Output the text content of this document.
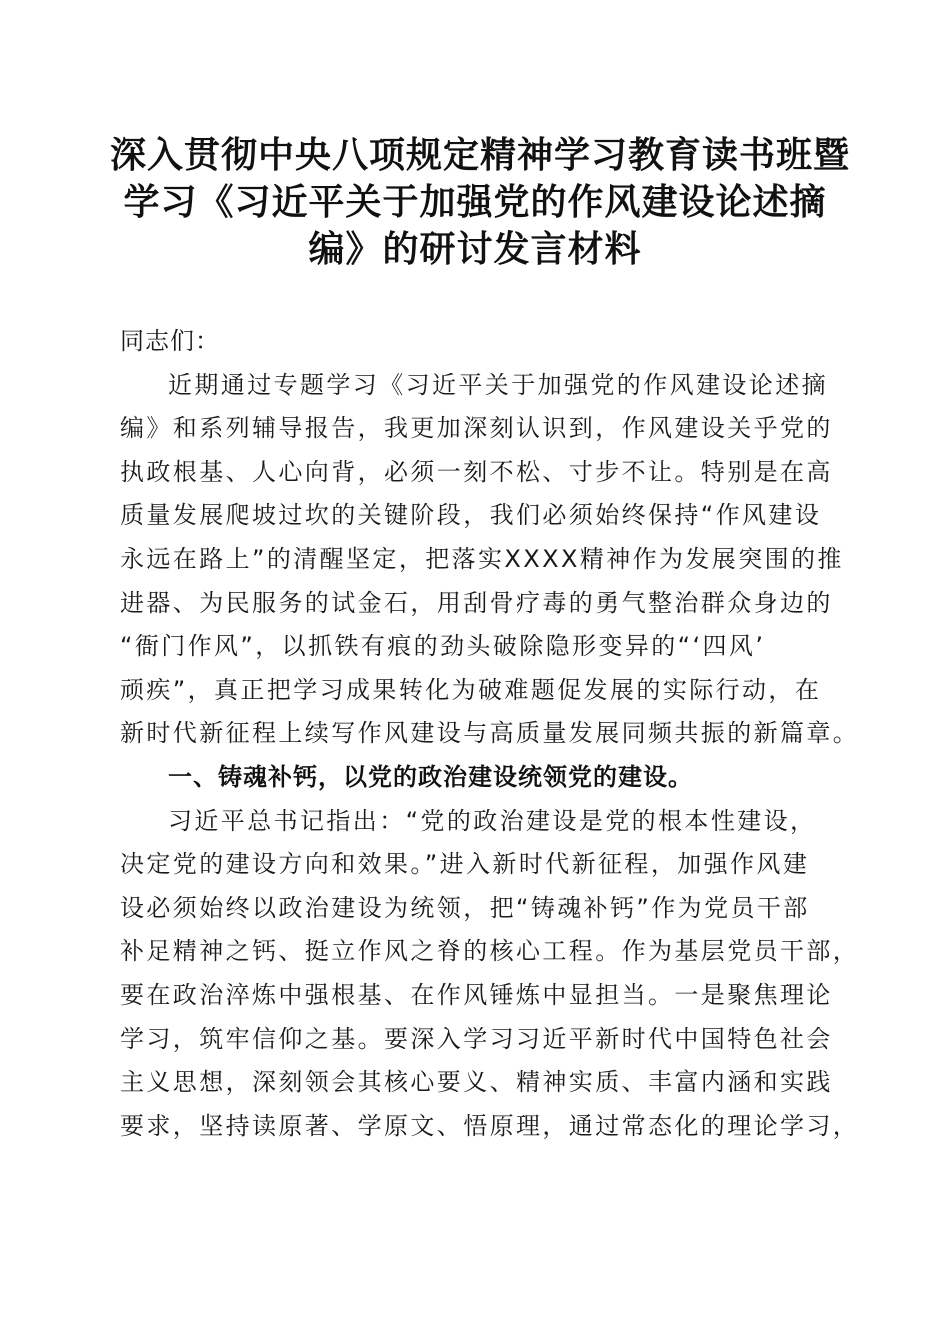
深入贯彻中央八项规定精神学习教育读书班暨
学习《习近平关于加强党的作风建设论述摘
编》的研讨发言材料
同志们：
近期通过专题学习《习近平关于加强党的作风建设论述摘
编》和系列辅导报告，我更加深刻认识到，作风建设关乎党的
执政根基、人心向背，必须一刻不松、寸步不让。特别是在高
质量发展爬坡过坎的关键阶段，我们必须始终保持“作风建设
永远在路上”的清醒坚定，把落实XXXX精神作为发展突围的推
进器、为民服务的试金石，用刮骨疗毒的勇气整治群众身边的
“衙门作风”，以抓铁有痕的劲头破除隐形变异的“‘四风’
顽疾”，真正把学习成果转化为破难题促发展的实际行动，在
新时代新征程上续写作风建设与高质量发展同频共振的新篇章。
一、铸魂补钙，以党的政治建设统领党的建设。
习近平总书记指出：“党的政治建设是党的根本性建设，
决定党的建设方向和效果。”进入新时代新征程，加强作风建
设必须始终以政治建设为统领，把“铸魂补钙”作为党员干部
补足精神之钙、挺立作风之脊的核心工程。作为基层党员干部，
要在政治淬炼中强根基、在作风锤炼中显担当。一是聚焦理论
学习，筑牢信仰之基。要深入学习习近平新时代中国特色社会
主义思想，深刻领会其核心要义、精神实质、丰富内涵和实践
要求，坚持读原著、学原文、悟原理，通过常态化的理论学习，
